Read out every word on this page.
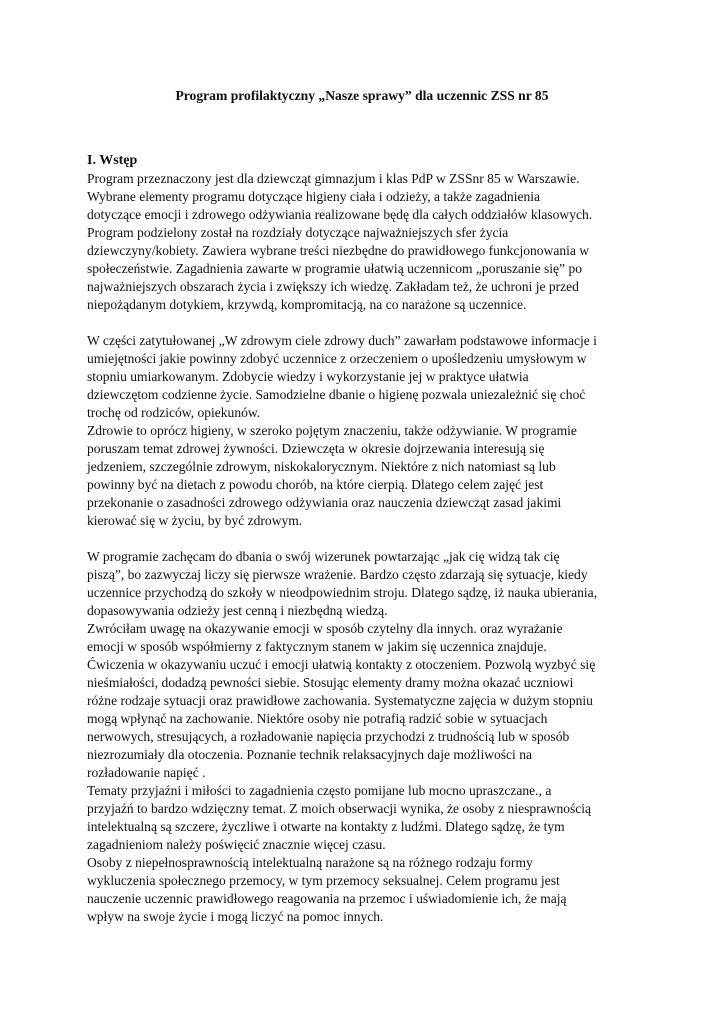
Program profilaktyczny „Nasze sprawy” dla uczennic ZSS nr 85
I. Wstęp
Program przeznaczony jest dla dziewcząt gimnazjum i klas PdP w ZSSnr 85 w Warszawie.
Wybrane elementy programu dotyczące higieny ciała i odzieży, a także zagadnienia
dotyczące emocji i zdrowego odżywiania realizowane będę dla całych oddziałów klasowych.
Program podzielony został na rozdziały dotyczące najważniejszych sfer życia
dziewczyny/kobiety. Zawiera wybrane treści niezbędne do prawidłowego funkcjonowania w
społeczeństwie. Zagadnienia zawarte w programie ułatwią uczennicom „poruszanie się” po
najważniejszych obszarach życia i zwiększy ich wiedzę. Zakładam też, że uchroni je przed
niepożądanym dotykiem, krzywdą, kompromitacją, na co narażone są uczennice.
W części zatytułowanej „W zdrowym ciele zdrowy duch” zawarłam podstawowe informacje i
umiejętności jakie powinny zdobyć uczennice z orzeczeniem o upośledzeniu umysłowym w
stopniu umiarkowanym. Zdobycie wiedzy i wykorzystanie jej w praktyce ułatwia
dziewczętom codzienne życie. Samodzielne dbanie o higienę pozwala uniezależnić się choć
trochę od rodziców, opiekunów.
Zdrowie to oprócz higieny, w szeroko pojętym znaczeniu, także odżywianie. W programie
poruszam temat zdrowej żywności. Dziewczęta w okresie dojrzewania interesują się
jedzeniem, szczególnie zdrowym, niskokalorycznym. Niektóre z nich natomiast są lub
powinny być na dietach z powodu chorób, na które cierpią. Dlatego celem zajęć jest
przekonanie o zasadności zdrowego odżywiania oraz nauczenia dziewcząt zasad jakimi
kierować się w życiu, by być zdrowym.
W programie zachęcam do dbania o swój wizerunek powtarzając „jak cię widzą tak cię
piszą”, bo zazwyczaj liczy się pierwsze wrażenie. Bardzo często zdarzają się sytuacje, kiedy
uczennice przychodzą do szkoły w nieodpowiednim stroju. Dlatego sądzę, iż nauka ubierania,
dopasowywania odzieży jest cenną i niezbędną wiedzą.
Zwróciłam uwagę na okazywanie emocji w sposób czytelny dla innych. oraz wyrażanie
emocji w sposób współmierny z faktycznym stanem w jakim się uczennica znajduje.
Ćwiczenia w okazywaniu uczuć i emocji ułatwią kontakty z otoczeniem. Pozwolą wyzbyć się
nieśmiałości, dodadzą pewności siebie. Stosując elementy dramy można okazać uczniowi
różne rodzaje sytuacji oraz prawidłowe zachowania. Systematyczne zajęcia w dużym stopniu
mogą wpłynąć na zachowanie. Niektóre osoby nie potrafią radzić sobie w sytuacjach
nerwowych, stresujących, a rozładowanie napięcia przychodzi z trudnością lub w sposób
niezrozumiały dla otoczenia. Poznanie technik relaksacyjnych daje możliwości na
rozładowanie napięć .
Tematy przyjaźni i miłości to zagadnienia często pomijane lub mocno upraszczane., a
przyjaźń to bardzo wdzięczny temat. Z moich obserwacji wynika, że osoby z niesprawnością
intelektualną są szczere, życzliwe i otwarte na kontakty z ludźmi. Dlatego sądzę, że tym
zagadnieniom należy poświęcić znacznie więcej czasu.
Osoby z niepełnosprawnością intelektualną narażone są na różnego rodzaju formy
wykluczenia społecznego przemocy, w tym przemocy seksualnej. Celem programu jest
nauczenie uczennic prawidłowego reagowania na przemoc i uświadomienie ich, że mają
wpływ na swoje życie i mogą liczyć na pomoc innych.
